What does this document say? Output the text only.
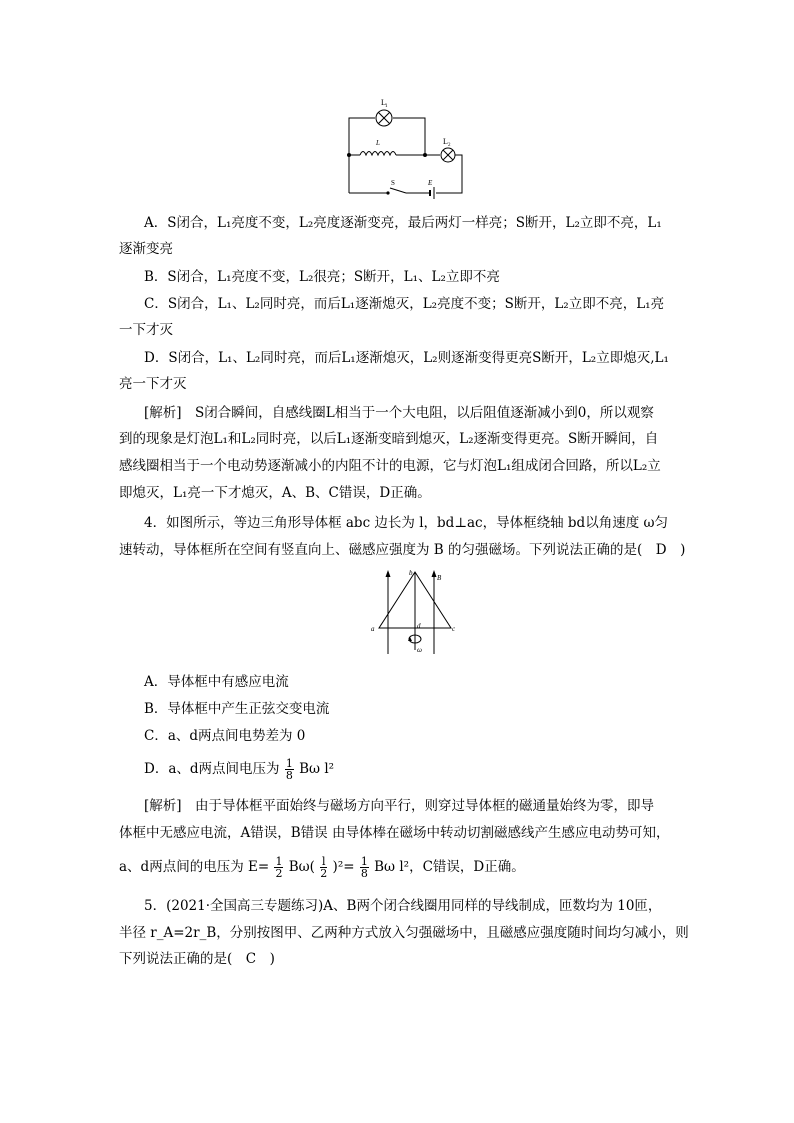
L 1
L	L 2
S	E
A．S闭合，L₁亮度不变，L₂亮度逐渐变亮，最后两灯一样亮；S断开，L₂立即不亮，L₁
逐渐变亮
B．S闭合，L₁亮度不变，L₂很亮；S断开，L₁、L₂立即不亮
C．S闭合，L₁、L₂同时亮，而后L₁逐渐熄灭，L₂亮度不变；S断开，L₂立即不亮，L₁亮
一下才灭
D．S闭合，L₁、L₂同时亮，而后L₁逐渐熄灭，L₂则逐渐变得更亮S断开，L₂立即熄灭,L₁
亮一下才灭
[解析]　S闭合瞬间，自感线圈L相当于一个大电阻，以后阻值逐渐减小到0，所以观察
到的现象是灯泡L₁和L₂同时亮，以后L₁逐渐变暗到熄灭，L₂逐渐变得更亮。S断开瞬间，自
感线圈相当于一个电动势逐渐减小的内阻不计的电源，它与灯泡L₁组成闭合回路，所以L₂立
即熄灭，L₁亮一下才熄灭，A、B、C错误，D正确。
4．如图所示，等边三角形导体框 abc 边长为 l，bd⊥ac，导体框绕轴 bd以角速度 ω匀
速转动，导体框所在空间有竖直向上、磁感应强度为 B 的匀强磁场。下列说法正确的是(　D　)
a
b
c
d
B
ω
A．导体框中有感应电流
B．导体框中产生正弦交变电流
C．a、d两点间电势差为 0
D．a、d两点间电压为 $\frac{1}{8}$ Bω l²
[解析]　由于导体框平面始终与磁场方向平行，则穿过导体框的磁通量始终为零，即导
体框中无感应电流，A错误，B错误 由导体棒在磁场中转动切割磁感线产生感应电动势可知，
a、d两点间的电压为 $E= \frac{1}{2} B\omega( \frac{l}{2} )^2= \frac{1}{8}$ Bω l²，C错误，D正确。
5．(2021·全国高三专题练习)A、B两个闭合线圈用同样的导线制成，匝数均为 10匝，
半径 r_A=2r_B，分别按图甲、乙两种方式放入匀强磁场中，且磁感应强度随时间均匀减小，则
下列说法正确的是(　C　)
